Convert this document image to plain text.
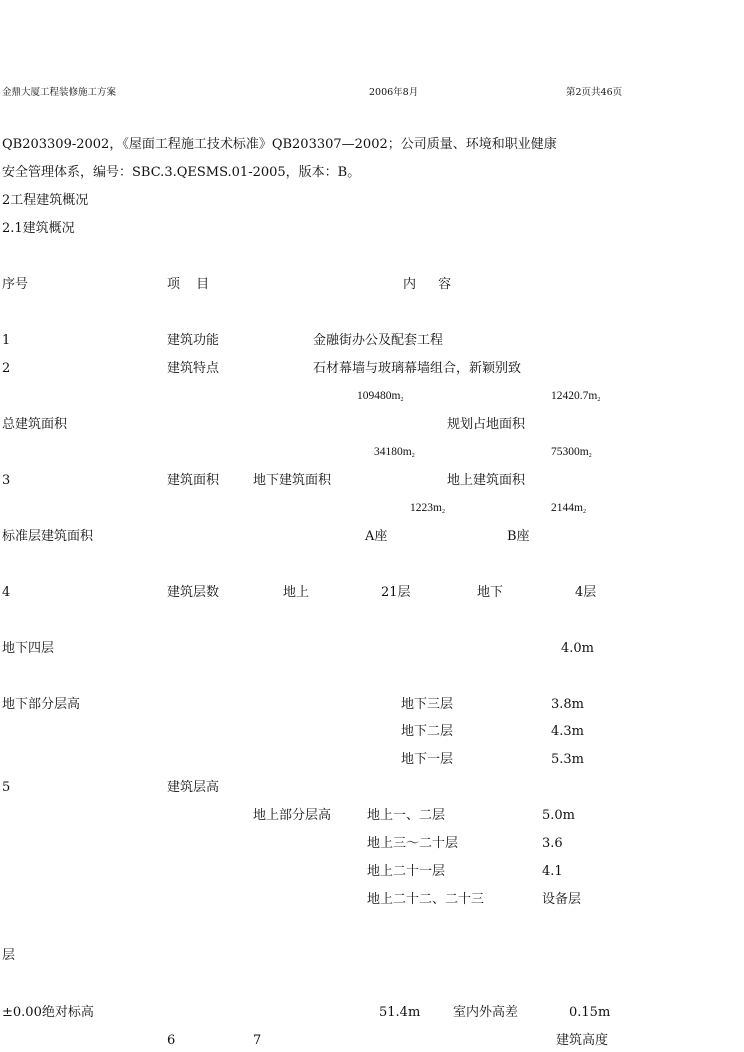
金鼎大厦工程装修施工方案	2006年8月	第2页共46页
QB203309-2002，《屋面工程施工技术标准》QB203307—2002；公司质量、环境和职业健康
安全管理体系，编号：SBC.3.QESMS.01-2005，版本：B。
2工程建筑概况
2.1建筑概况
序号	项 目	内 容
1	建筑功能	金融街办公及配套工程
2	建筑特点	石材幕墙与玻璃幕墙组合，新颖别致
$109480m_2$	$12420.7m_2$
总建筑面积	规划占地面积
$34180m_2$	$75300m_2$
3	建筑面积	地下建筑面积	地上建筑面积
$1223m_2$	$2144m_2$
标准层建筑面积	A座	B座
4	建筑层数	地上	21层	地下	4层
地下四层	4.0m
地下部分层高	地下三层	3.8m
地下二层	4.3m
地下一层	5.3m
5	建筑层高
地上部分层高	地上一、二层	5.0m
地上三～二十层	3.6
地上二十一层	4.1
地上二十二、二十三	设备层
层
±0.00绝对标高	51.4m	室内外高差	0.15m
6	7	建筑高度
